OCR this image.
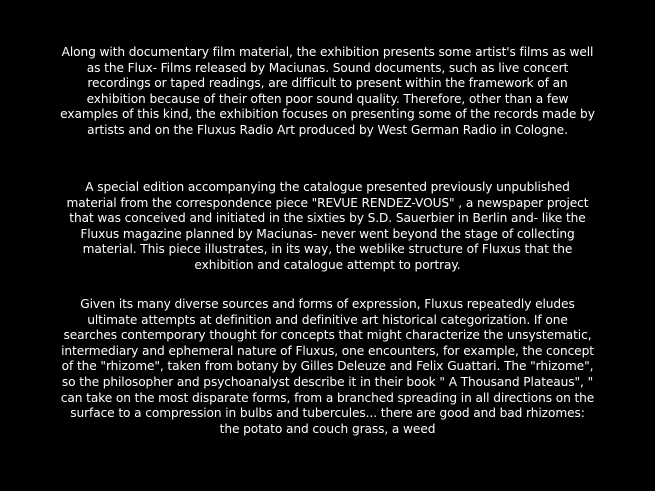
Along with documentary film material, the exhibition presents some artist's films as well as the Flux- Films released by Maciunas. Sound documents, such as live concert recordings or taped readings, are difficult to present within the framework of an exhibition because of their often poor sound quality. Therefore, other than a few examples of this kind, the exhibition focuses on presenting some of the records made by artists and on the Fluxus Radio Art produced by West German Radio in Cologne.

A special edition accompanying the catalogue presented previously unpublished material from the correspondence piece "REVUE RENDEZ-VOUS" , a newspaper project that was conceived and initiated in the sixties by S.D. Sauerbier in Berlin and- like the Fluxus magazine planned by Maciunas- never went beyond the stage of collecting material. This piece illustrates, in its way, the weblike structure of Fluxus that the exhibition and catalogue attempt to portray.

Given its many diverse sources and forms of expression, Fluxus repeatedly eludes ultimate attempts at definition and definitive art historical categorization. If one searches contemporary thought for concepts that might characterize the unsystematic, intermediary and ephemeral nature of Fluxus, one encounters, for example, the concept of the "rhizome", taken from botany by Gilles Deleuze and Felix Guattari. The "rhizome", so the philosopher and psychoanalyst describe it in their book " A Thousand Plateaus", " can take on the most disparate forms, from a branched spreading in all directions on the surface to a compression in bulbs and tubercules... there are good and bad rhizomes: the potato and couch grass, a weed
